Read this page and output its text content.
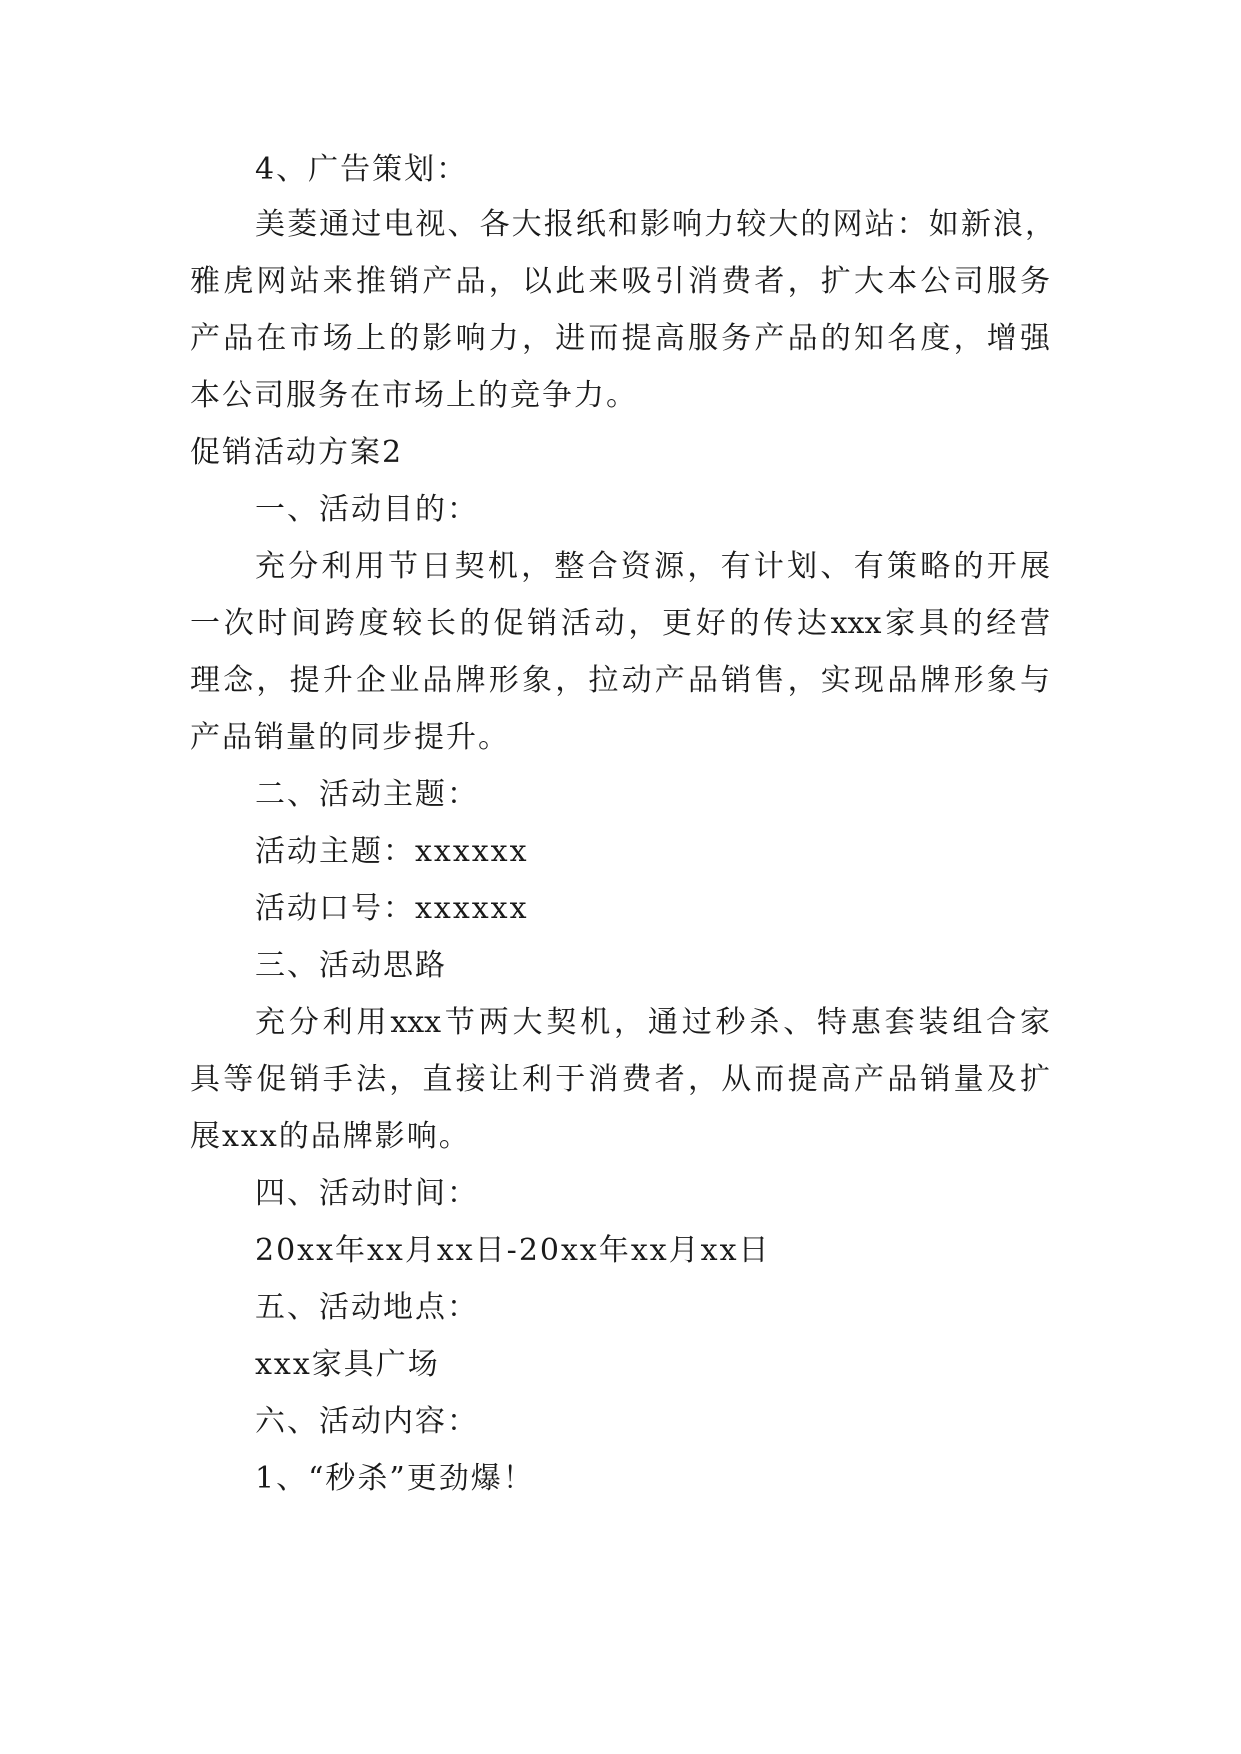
4、广告策划：
美菱通过电视、各大报纸和影响力较大的网站：如新浪，
雅虎网站来推销产品，以此来吸引消费者，扩大本公司服务
产品在市场上的影响力，进而提高服务产品的知名度，增强
本公司服务在市场上的竞争力。
促销活动方案2
一、活动目的：
充分利用节日契机，整合资源，有计划、有策略的开展
一次时间跨度较长的促销活动，更好的传达xxx家具的经营
理念，提升企业品牌形象，拉动产品销售，实现品牌形象与
产品销量的同步提升。
二、活动主题：
活动主题：xxxxxx
活动口号：xxxxxx
三、活动思路
充分利用xxx节两大契机，通过秒杀、特惠套装组合家
具等促销手法，直接让利于消费者，从而提高产品销量及扩
展xxx的品牌影响。
四、活动时间：
20xx年xx月xx日-20xx年xx月xx日
五、活动地点：
xxx家具广场
六、活动内容：
1、“秒杀”更劲爆！
